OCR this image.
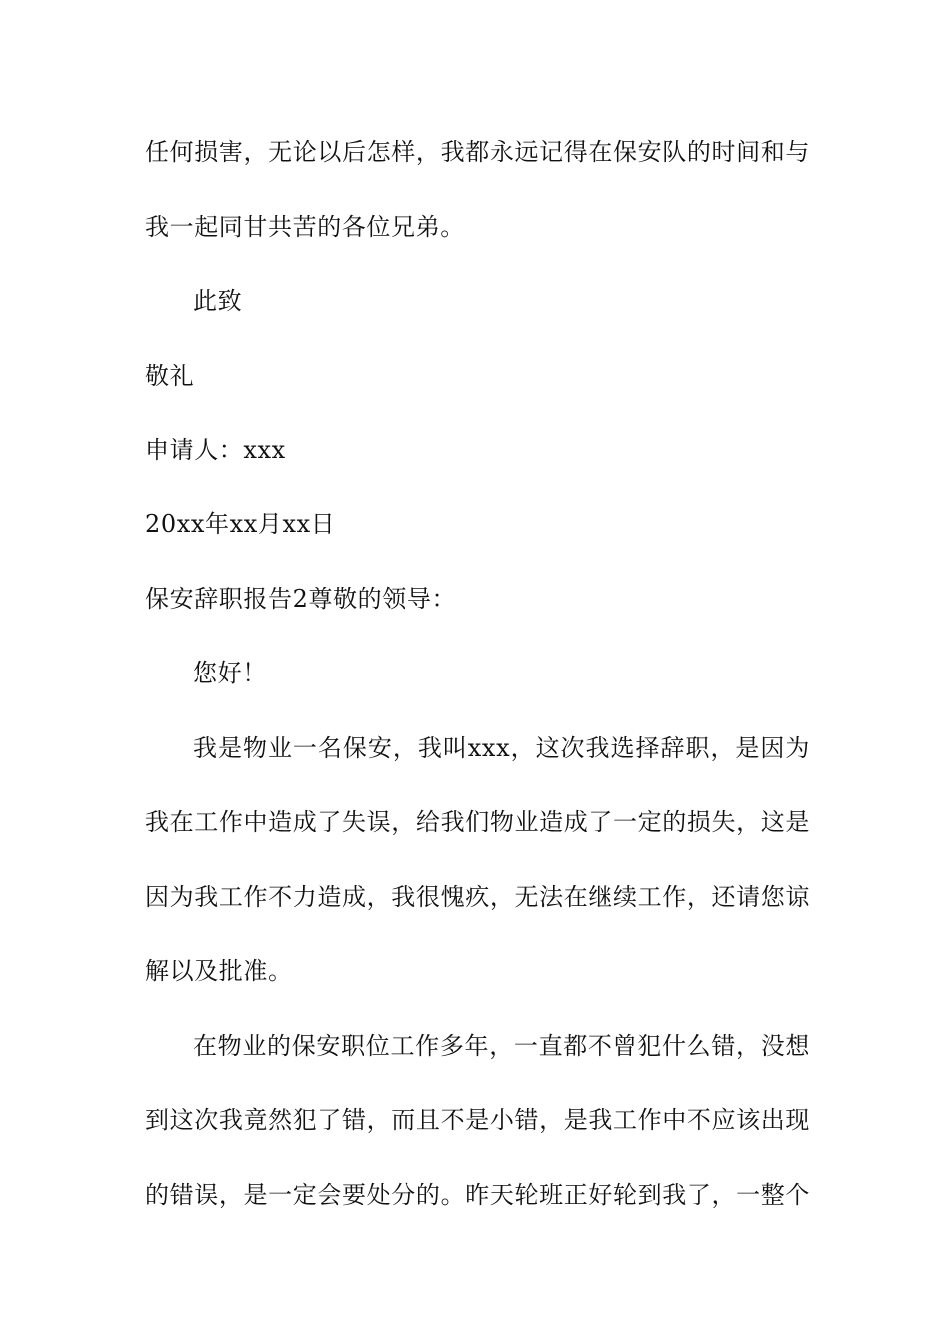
任何损害，无论以后怎样，我都永远记得在保安队的时间和与
我一起同甘共苦的各位兄弟。
此致
敬礼
申请人：xxx
20xx年xx月xx日
保安辞职报告2尊敬的领导：
您好！
我是物业一名保安，我叫xxx，这次我选择辞职，是因为
我在工作中造成了失误，给我们物业造成了一定的损失，这是
因为我工作不力造成，我很愧疚，无法在继续工作，还请您谅
解以及批准。
在物业的保安职位工作多年，一直都不曾犯什么错，没想
到这次我竟然犯了错，而且不是小错，是我工作中不应该出现
的错误，是一定会要处分的。昨天轮班正好轮到我了，一整个
